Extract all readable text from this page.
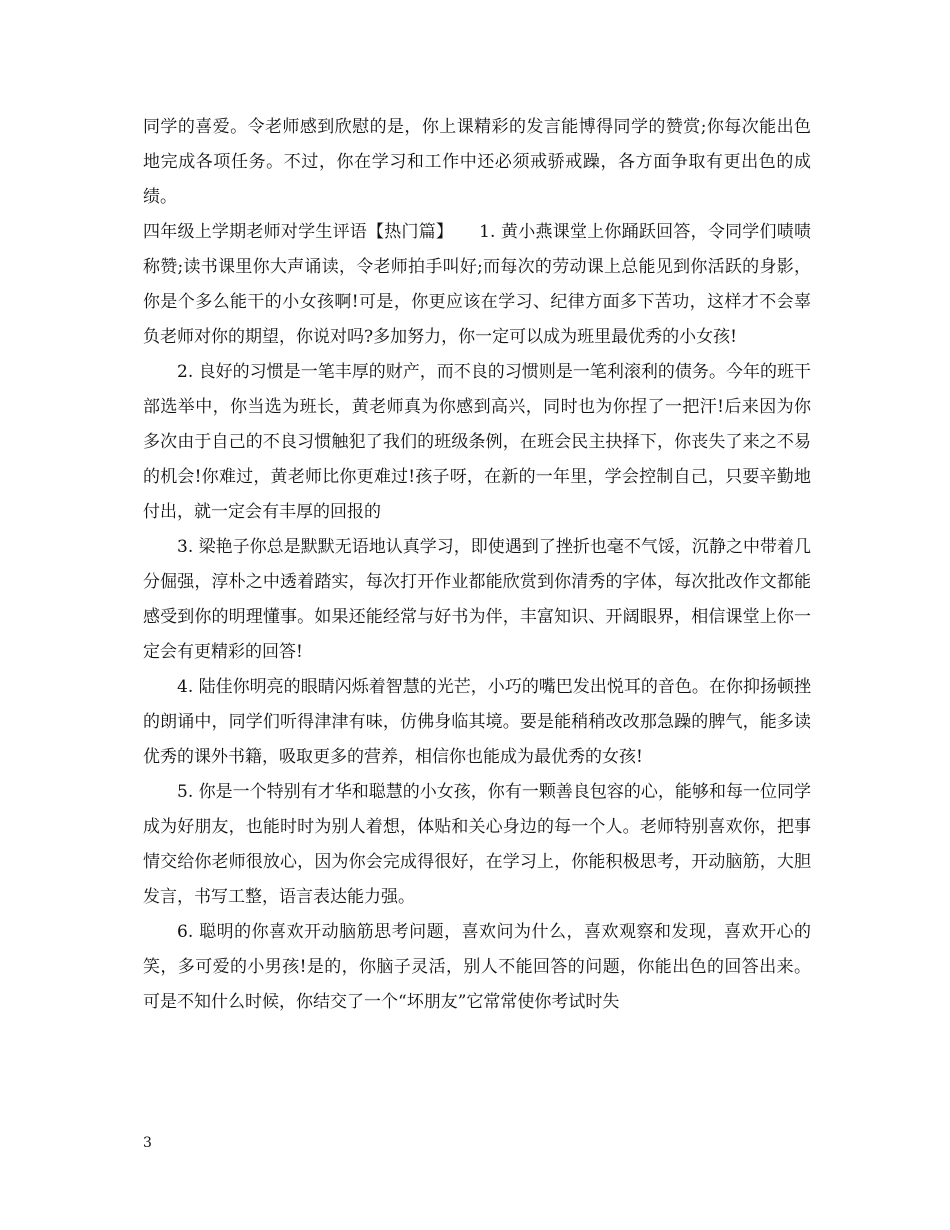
同学的喜爱。令老师感到欣慰的是，你上课精彩的发言能博得同学的赞赏;你每次能出色地完成各项任务。不过，你在学习和工作中还必须戒骄戒躁，各方面争取有更出色的成绩。

四年级上学期老师对学生评语【热门篇】　　1. 黄小燕课堂上你踊跃回答，令同学们啧啧称赞;读书课里你大声诵读，令老师拍手叫好;而每次的劳动课上总能见到你活跃的身影，你是个多么能干的小女孩啊!可是，你更应该在学习、纪律方面多下苦功，这样才不会辜负老师对你的期望，你说对吗?多加努力，你一定可以成为班里最优秀的小女孩!

2. 良好的习惯是一笔丰厚的财产，而不良的习惯则是一笔利滚利的债务。今年的班干部选举中，你当选为班长，黄老师真为你感到高兴，同时也为你捏了一把汗!后来因为你多次由于自己的不良习惯触犯了我们的班级条例，在班会民主抉择下，你丧失了来之不易的机会!你难过，黄老师比你更难过!孩子呀，在新的一年里，学会控制自己，只要辛勤地付出，就一定会有丰厚的回报的

3. 梁艳子你总是默默无语地认真学习，即使遇到了挫折也毫不气馁，沉静之中带着几分倔强，淳朴之中透着踏实，每次打开作业都能欣赏到你清秀的字体，每次批改作文都能感受到你的明理懂事。如果还能经常与好书为伴，丰富知识、开阔眼界，相信课堂上你一定会有更精彩的回答!

4. 陆佳你明亮的眼睛闪烁着智慧的光芒，小巧的嘴巴发出悦耳的音色。在你抑扬顿挫的朗诵中，同学们听得津津有味，仿佛身临其境。要是能稍稍改改那急躁的脾气，能多读优秀的课外书籍，吸取更多的营养，相信你也能成为最优秀的女孩!

5. 你是一个特别有才华和聪慧的小女孩，你有一颗善良包容的心，能够和每一位同学成为好朋友，也能时时为别人着想，体贴和关心身边的每一个人。老师特别喜欢你，把事情交给你老师很放心，因为你会完成得很好，在学习上，你能积极思考，开动脑筋，大胆发言，书写工整，语言表达能力强。

6. 聪明的你喜欢开动脑筋思考问题，喜欢问为什么，喜欢观察和发现，喜欢开心的笑，多可爱的小男孩!是的，你脑子灵活，别人不能回答的问题，你能出色的回答出来。可是不知什么时候，你结交了一个“坏朋友”它常常使你考试时失

3
